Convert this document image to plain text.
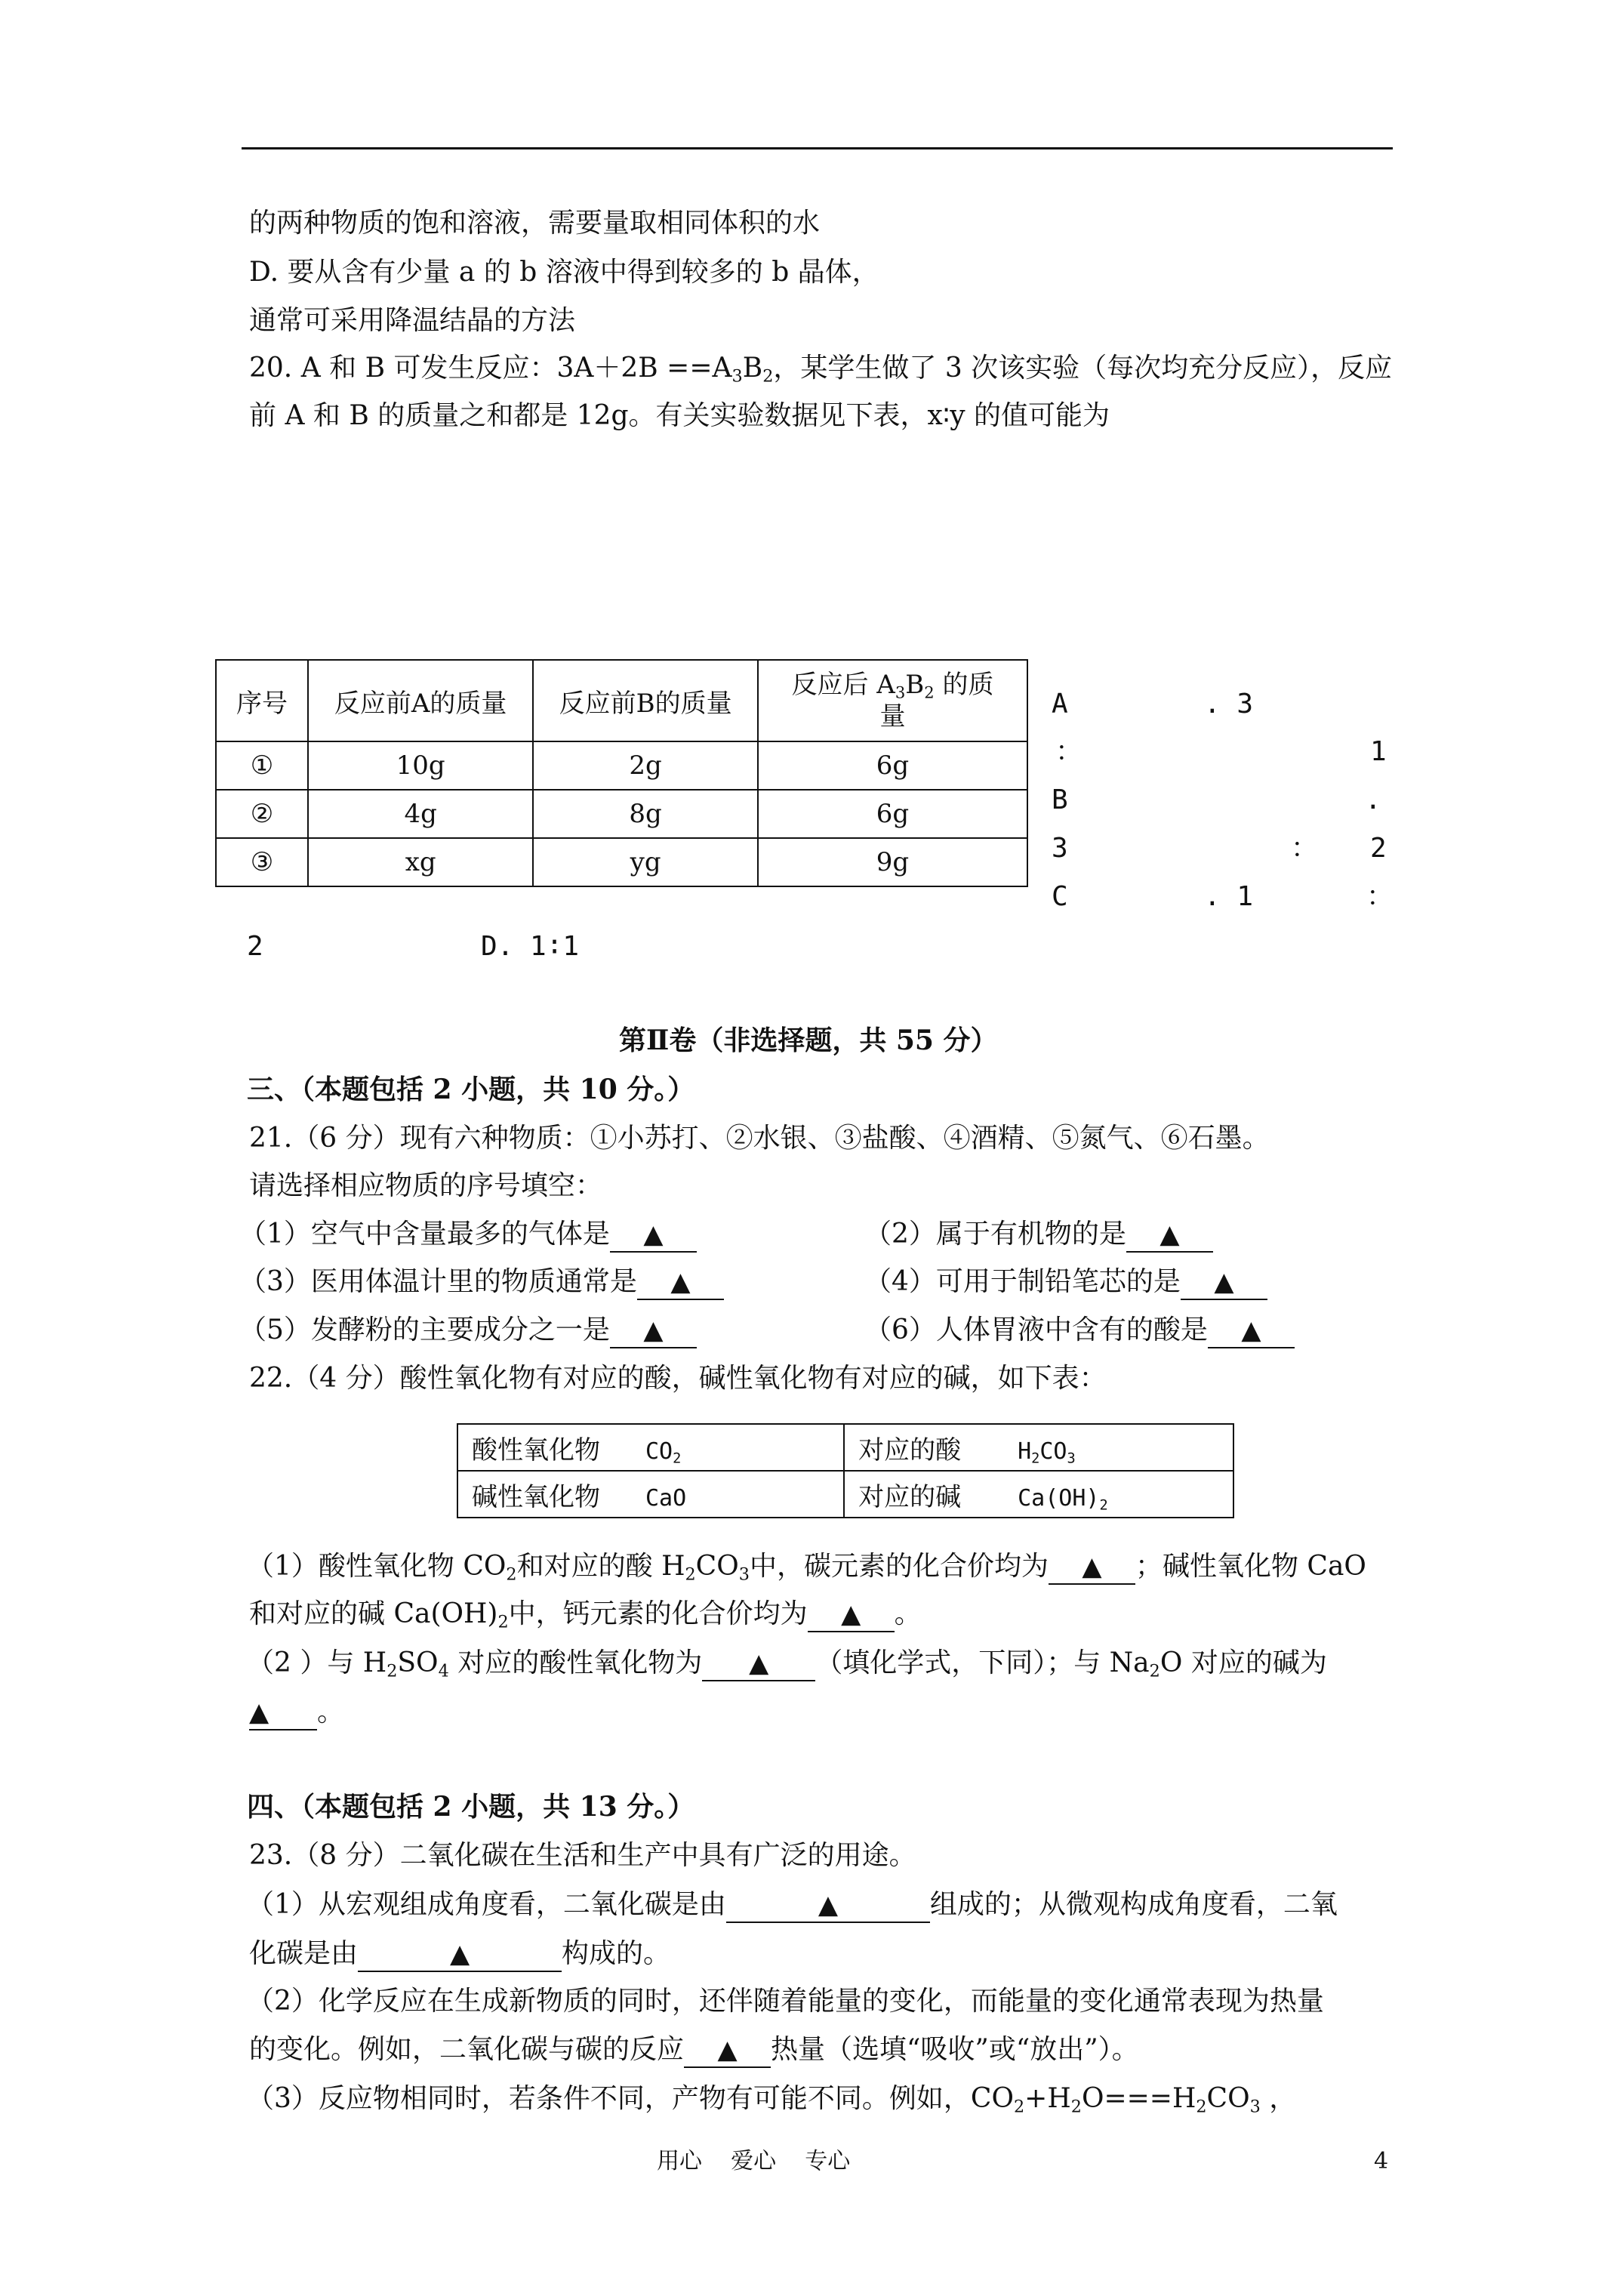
的两种物质的饱和溶液，需要量取相同体积的水
D. 要从含有少量 a 的 b 溶液中得到较多的 b 晶体，
通常可采用降温结晶的方法
20. A 和 B 可发生反应：$3A+2B ==A_3B_2$，某学生做了 3 次该实验（每次均充分反应），反应
前 A 和 B 的质量之和都是 12g。有关实验数据见下表，x∶y 的值可能为
序号	反应前A的质量	反应前B的质量	反应后 $A_3B_2$ 的质
量
①	10g	2g	6g
②	4g	8g	6g
③	xg	yg	9g
A	. 3
：	1
B	.
3	： 2
C	. 1	：
2	D. 1∶1
第Ⅱ卷（非选择题，共 55 分）
三、（本题包括 2 小题，共 10 分。）
21.（6 分）现有六种物质：①小苏打、②水银、③盐酸、④酒精、⑤氮气、⑥石墨。
请选择相应物质的序号填空：
（1）空气中含量最多的气体是 ▲	（2）属于有机物的是 ▲
（3）医用体温计里的物质通常是 ▲	（4）可用于制铅笔芯的是 ▲
（5）发酵粉的主要成分之一是 ▲	（6）人体胃液中含有的酸是 ▲
22.（4 分）酸性氧化物有对应的酸，碱性氧化物有对应的碱，如下表：
酸性氧化物 $CO_2$	对应的酸 $H_2CO_3$
碱性氧化物 CaO	对应的碱 $Ca(OH)_2$
（1）酸性氧化物 $CO_2$和对应的酸 $H_2CO_3$中，碳元素的化合价均为 ▲ ；碱性氧化物 CaO
和对应的碱 $Ca(OH)_2$中，钙元素的化合价均为 ▲ 。
（2 ）与 $H_2SO_4$ 对应的酸性氧化物为 ▲ （填化学式，下同）；与 $Na_2O$ 对应的碱为
▲ 。
四、（本题包括 2 小题，共 13 分。）
23.（8 分）二氧化碳在生活和生产中具有广泛的用途。
（1）从宏观组成角度看，二氧化碳是由	▲	组成的；从微观构成角度看，二氧
化碳是由	▲	构成的。
（2）化学反应在生成新物质的同时，还伴随着能量的变化，而能量的变化通常表现为热量
的变化。例如，二氧化碳与碳的反应 ▲ 热量（选填“吸收”或“放出”）。
（3）反应物相同时，若条件不同，产物有可能不同。例如，$CO_2+H_2O===H_2CO_3$ ，
用心    爱心    专心	4
